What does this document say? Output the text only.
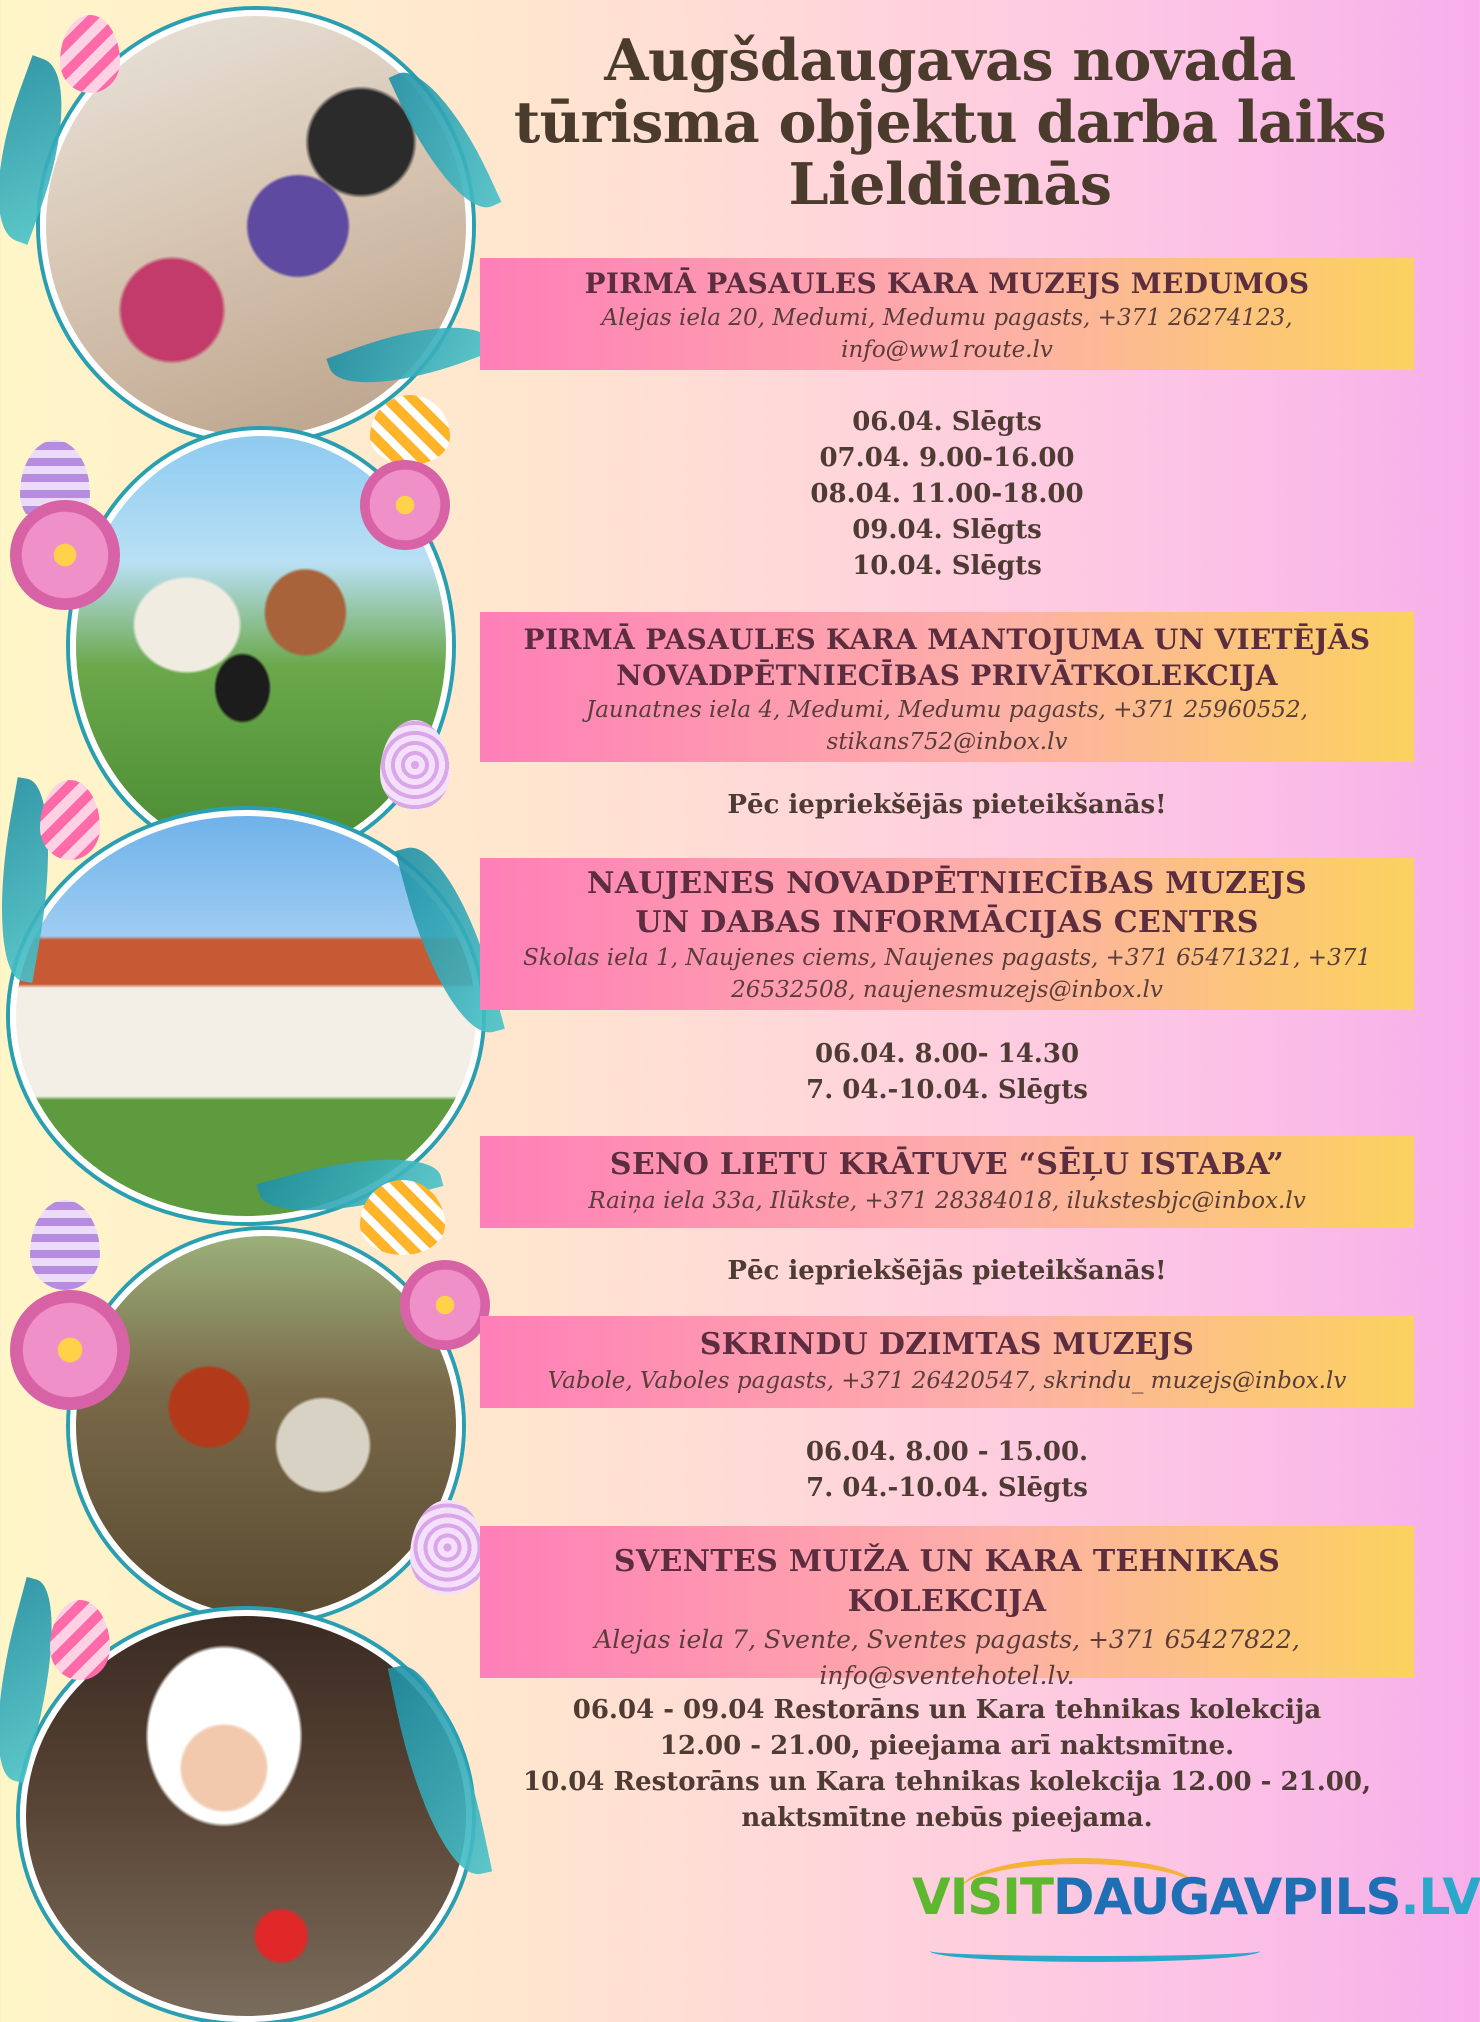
Augšdaugavas novada
tūrisma objektu darba laiks
Lieldienās
PIRMĀ PASAULES KARA MUZEJS MEDUMOS

Alejas iela 20, Medumi, Medumu pagasts, +371 26274123,

info@ww1route.lv

06.04. Slēgts
07.04. 9.00-16.00
08.04. 11.00-18.00
09.04. Slēgts
10.04. Slēgts
PIRMĀ PASAULES KARA MANTOJUMA UN VIETĒJĀS
NOVADPĒTNIECĪBAS PRIVĀTKOLEKCIJA

Jaunatnes iela 4, Medumi, Medumu pagasts, +371 25960552,

stikans752@inbox.lv

Pēc iepriekšējās pieteikšanās!
NAUJENES NOVADPĒTNIECĪBAS MUZEJS
UN DABAS INFORMĀCIJAS CENTRS

Skolas iela 1, Naujenes ciems, Naujenes pagasts, +371 65471321, +371

26532508, naujenesmuzejs@inbox.lv

06.04. 8.00- 14.30
7. 04.-10.04. Slēgts
SENO LIETU KRĀTUVE “SĒĻU ISTABA”

Raiņa iela 33a, Ilūkste, +371 28384018, ilukstesbjc@inbox.lv

Pēc iepriekšējās pieteikšanās!
SKRINDU DZIMTAS MUZEJS

Vabole, Vaboles pagasts, +371 26420547, skrindu_ muzejs@inbox.lv

06.04. 8.00 - 15.00.
7. 04.-10.04. Slēgts
SVENTES MUIŽA UN KARA TEHNIKAS KOLEKCIJA

Alejas iela 7, Svente, Sventes pagasts, +371 65427822,

info@sventehotel.lv.

06.04 - 09.04 Restorāns un Kara tehnikas kolekcija
12.00 - 21.00, pieejama arī naktsmītne.
10.04 Restorāns un Kara tehnikas kolekcija 12.00 - 21.00,
naktsmītne nebūs pieejama.
VISITDAUGAVPILS.LV
